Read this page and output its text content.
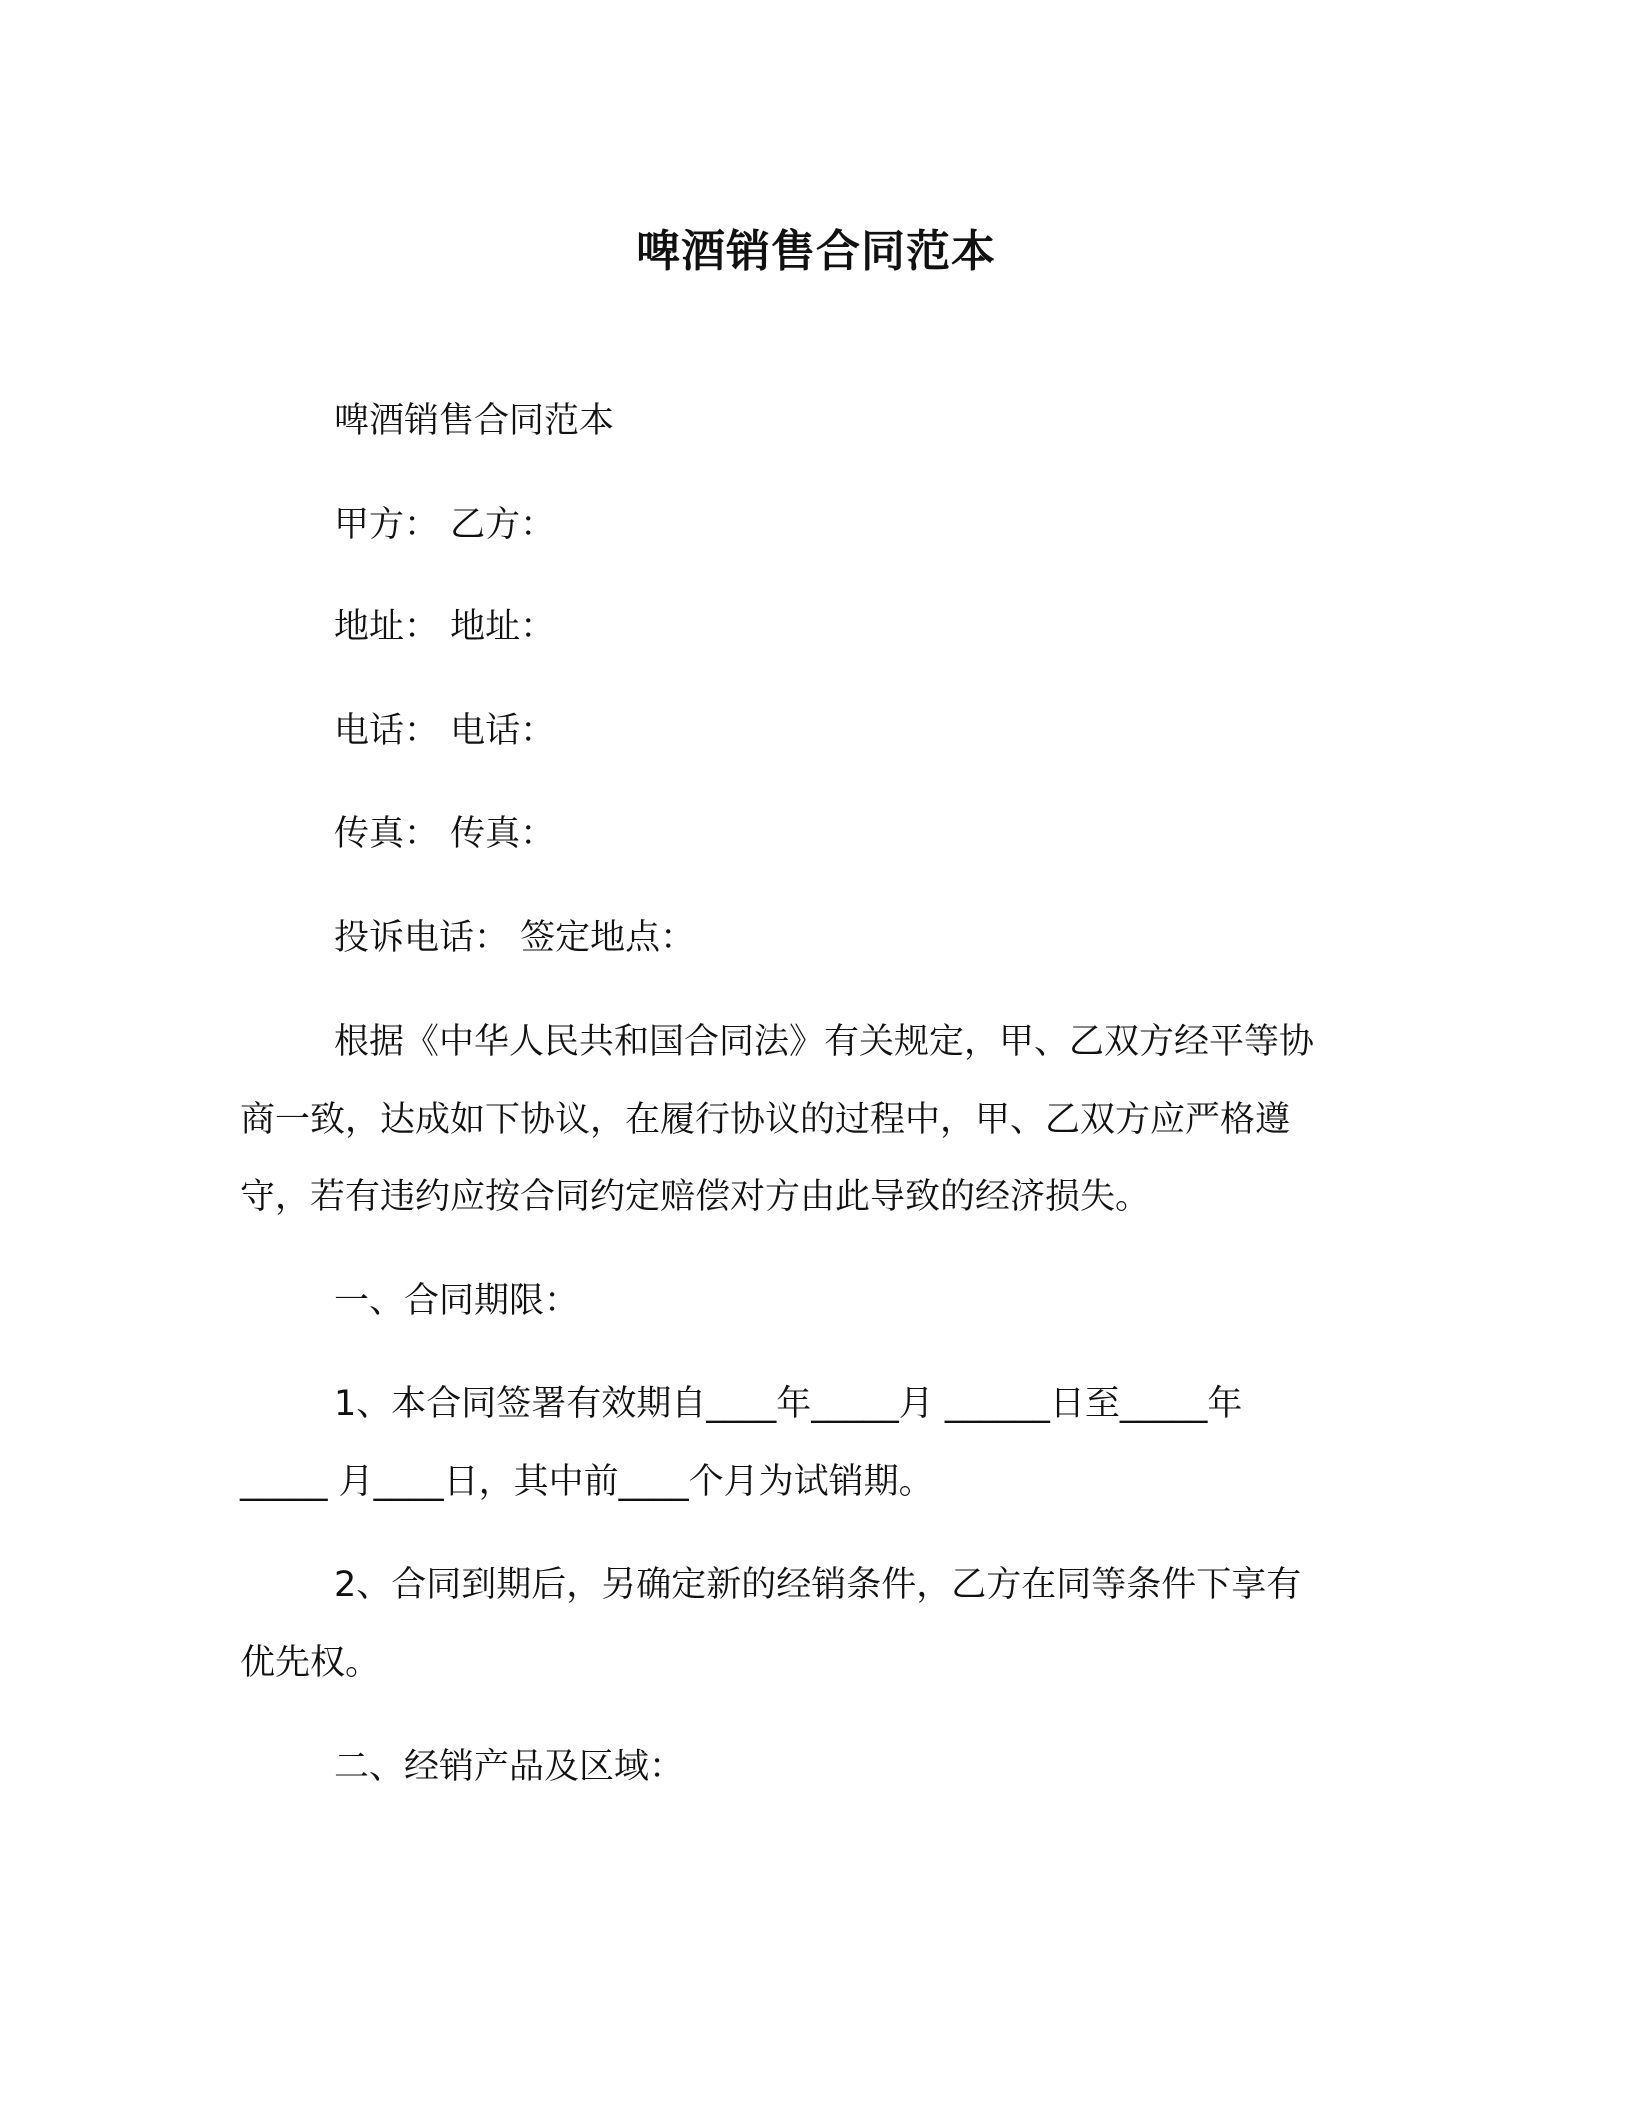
啤酒销售合同范本
啤酒销售合同范本
甲方： 乙方：
地址： 地址：
电话： 电话：
传真： 传真：
投诉电话： 签定地点：
根据《中华人民共和国合同法》有关规定，甲、乙双方经平等协
商一致，达成如下协议，在履行协议的过程中，甲、乙双方应严格遵
守，若有违约应按合同约定赔偿对方由此导致的经济损失。
一、合同期限：
1、本合同签署有效期自____年_____月 ______日至_____年
_____ 月____日，其中前____个月为试销期。
2、合同到期后，另确定新的经销条件，乙方在同等条件下享有
优先权。
二、经销产品及区域：
